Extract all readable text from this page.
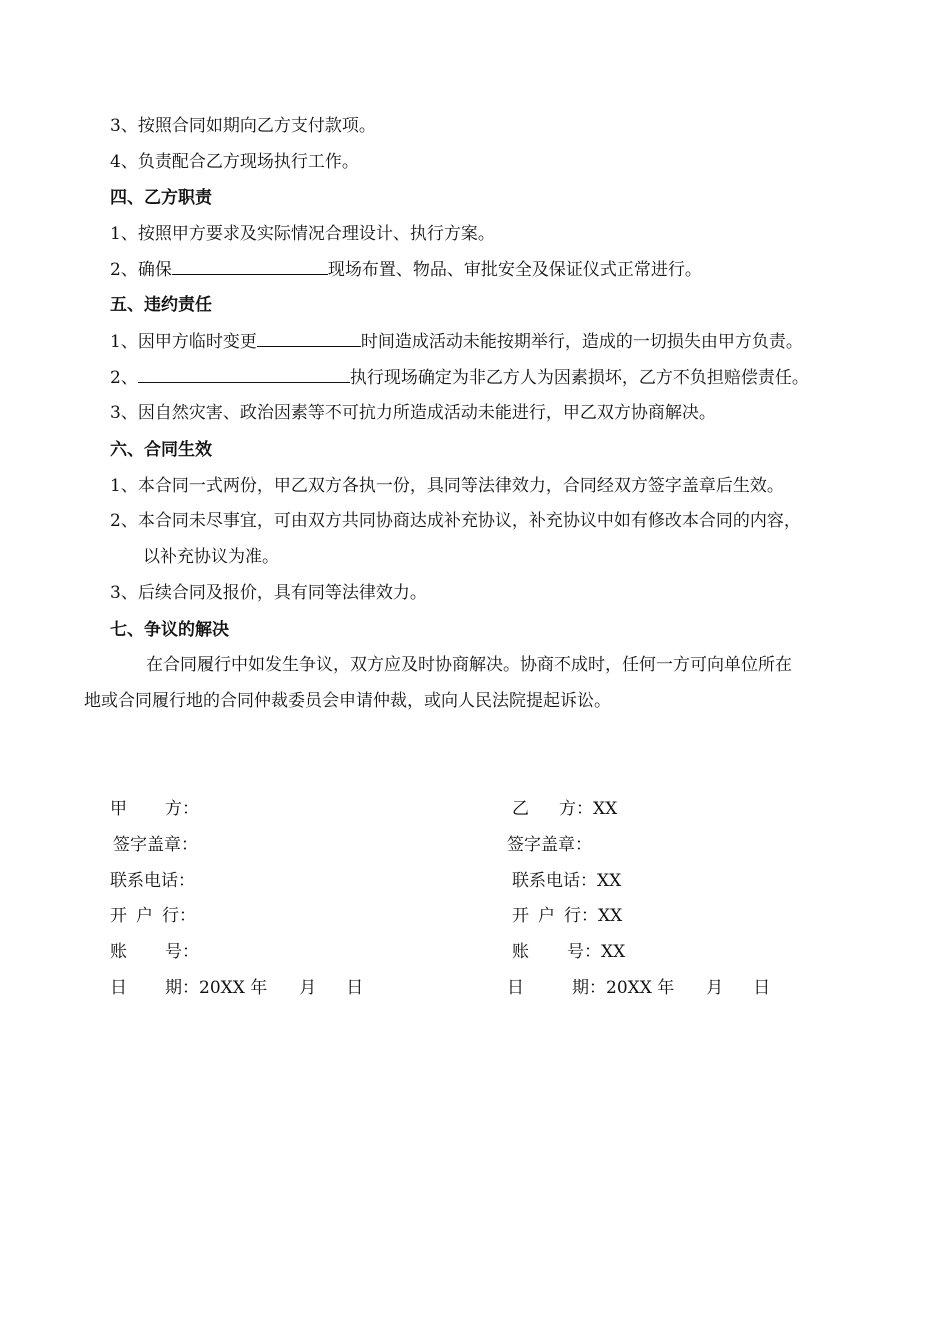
3、按照合同如期向乙方支付款项。
4、负责配合乙方现场执行工作。
四、乙方职责
1、按照甲方要求及实际情况合理设计、执行方案。
2、确保	现场布置、物品、审批安全及保证仪式正常进行。
五、违约责任
1、因甲方临时变更	时间造成活动未能按期举行，造成的一切损失由甲方负责。
2、	执行现场确定为非乙方人为因素损坏，乙方不负担赔偿责任。
3、因自然灾害、政治因素等不可抗力所造成活动未能进行，甲乙双方协商解决。
六、合同生效
1、本合同一式两份，甲乙双方各执一份，具同等法律效力，合同经双方签字盖章后生效。
2、本合同未尽事宜，可由双方共同协商达成补充协议，补充协议中如有修改本合同的内容，
以补充协议为准。
3、后续合同及报价，具有同等法律效力。
七、争议的解决
在合同履行中如发生争议，双方应及时协商解决。协商不成时，任何一方可向单位所在
地或合同履行地的合同仲裁委员会申请仲裁，或向人民法院提起诉讼。
甲 方：
签字盖章：
联系电话：
开 户 行：
账 号：
日 期：20XX 年 月 日
乙 方：XX
签字盖章：
联系电话：XX
开 户 行：XX
账 号：XX
日	期：20XX 年 月 日
